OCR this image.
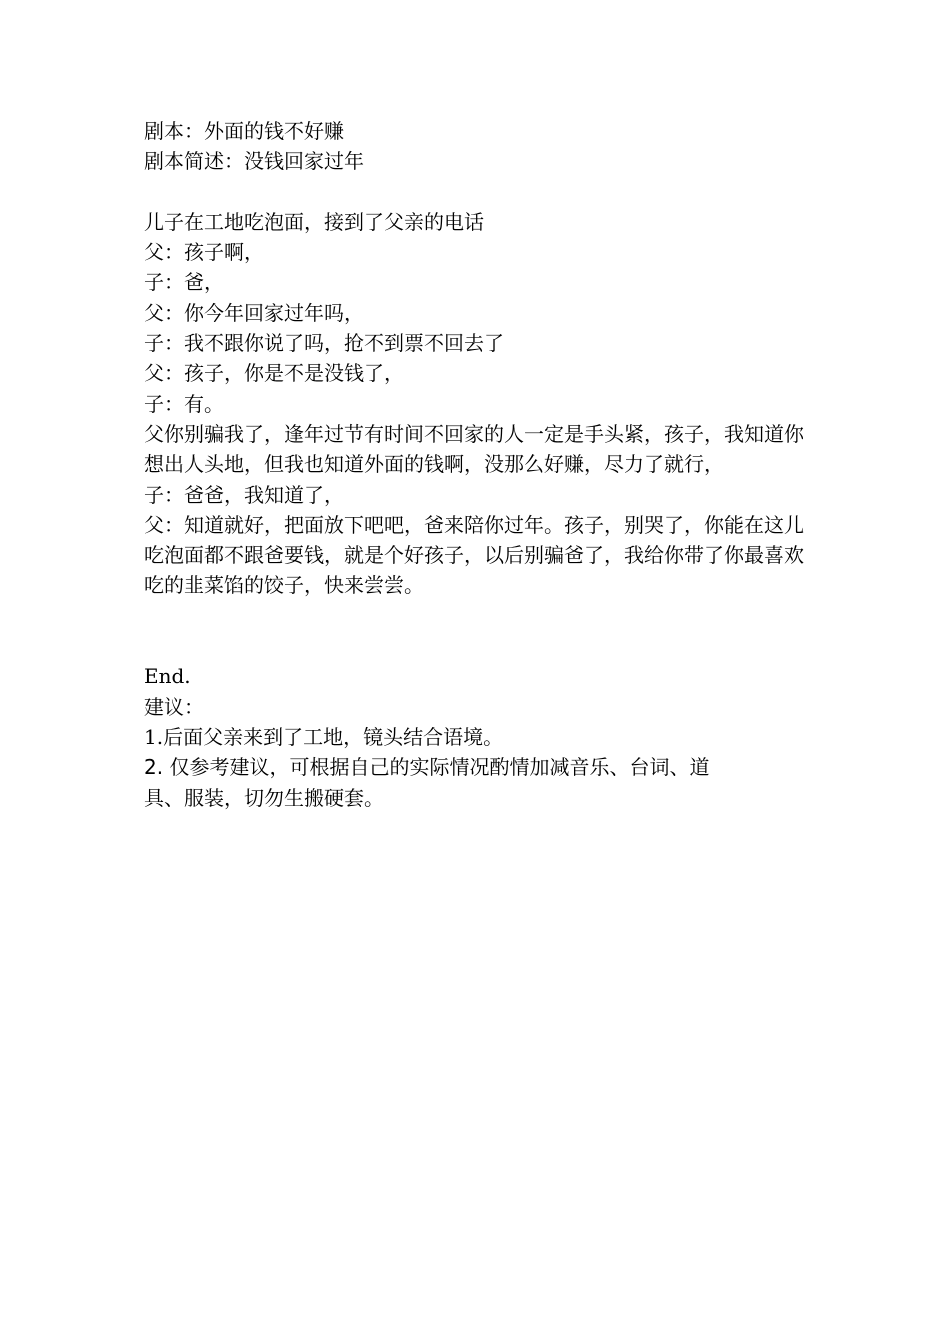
剧本：外面的钱不好赚
剧本简述：没钱回家过年
儿子在工地吃泡面，接到了父亲的电话
父：孩子啊，
子：爸，
父：你今年回家过年吗，
子：我不跟你说了吗，抢不到票不回去了
父：孩子，你是不是没钱了，
子：有。
父你别骗我了，逢年过节有时间不回家的人一定是手头紧，孩子，我知道你想出人头地，但我也知道外面的钱啊，没那么好赚，尽力了就行，
子：爸爸，我知道了，
父：知道就好，把面放下吧吧，爸来陪你过年。孩子，别哭了，你能在这儿吃泡面都不跟爸要钱，就是个好孩子，以后别骗爸了，我给你带了你最喜欢吃的韭菜馅的饺子，快来尝尝。
End.
建议：
1.后面父亲来到了工地，镜头结合语境。
2. 仅参考建议，可根据自己的实际情况酌情加减音乐、台词、道
具、服装，切勿生搬硬套。
